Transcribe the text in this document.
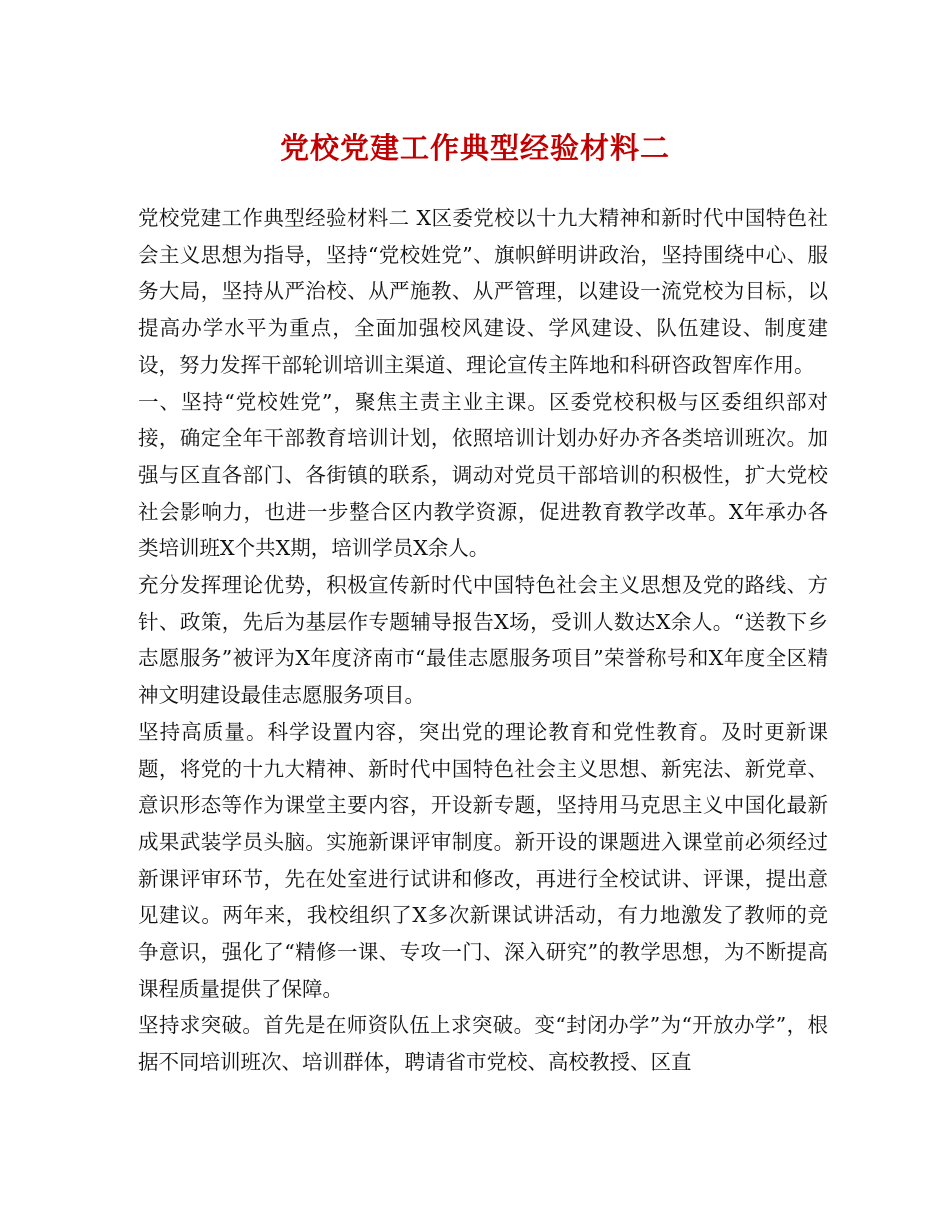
党校党建工作典型经验材料二

党校党建工作典型经验材料二 X区委党校以十九大精神和新时代中国特色社会主义思想为指导，坚持“党校姓党”、旗帜鲜明讲政治，坚持围绕中心、服务大局，坚持从严治校、从严施教、从严管理，以建设一流党校为目标，以提高办学水平为重点，全面加强校风建设、学风建设、队伍建设、制度建设，努力发挥干部轮训培训主渠道、理论宣传主阵地和科研咨政智库作用。

一、坚持“党校姓党”，聚焦主责主业主课。区委党校积极与区委组织部对接，确定全年干部教育培训计划，依照培训计划办好办齐各类培训班次。加强与区直各部门、各街镇的联系，调动对党员干部培训的积极性，扩大党校社会影响力，也进一步整合区内教学资源，促进教育教学改革。X年承办各类培训班X个共X期，培训学员X余人。

充分发挥理论优势，积极宣传新时代中国特色社会主义思想及党的路线、方针、政策，先后为基层作专题辅导报告X场，受训人数达X余人。“送教下乡志愿服务”被评为X年度济南市“最佳志愿服务项目”荣誉称号和X年度全区精神文明建设最佳志愿服务项目。

坚持高质量。科学设置内容，突出党的理论教育和党性教育。及时更新课题，将党的十九大精神、新时代中国特色社会主义思想、新宪法、新党章、意识形态等作为课堂主要内容，开设新专题，坚持用马克思主义中国化最新成果武装学员头脑。实施新课评审制度。新开设的课题进入课堂前必须经过新课评审环节，先在处室进行试讲和修改，再进行全校试讲、评课，提出意见建议。两年来，我校组织了X多次新课试讲活动，有力地激发了教师的竞争意识，强化了“精修一课、专攻一门、深入研究”的教学思想，为不断提高课程质量提供了保障。

坚持求突破。首先是在师资队伍上求突破。变“封闭办学”为“开放办学”，根据不同培训班次、培训群体，聘请省市党校、高校教授、区直
